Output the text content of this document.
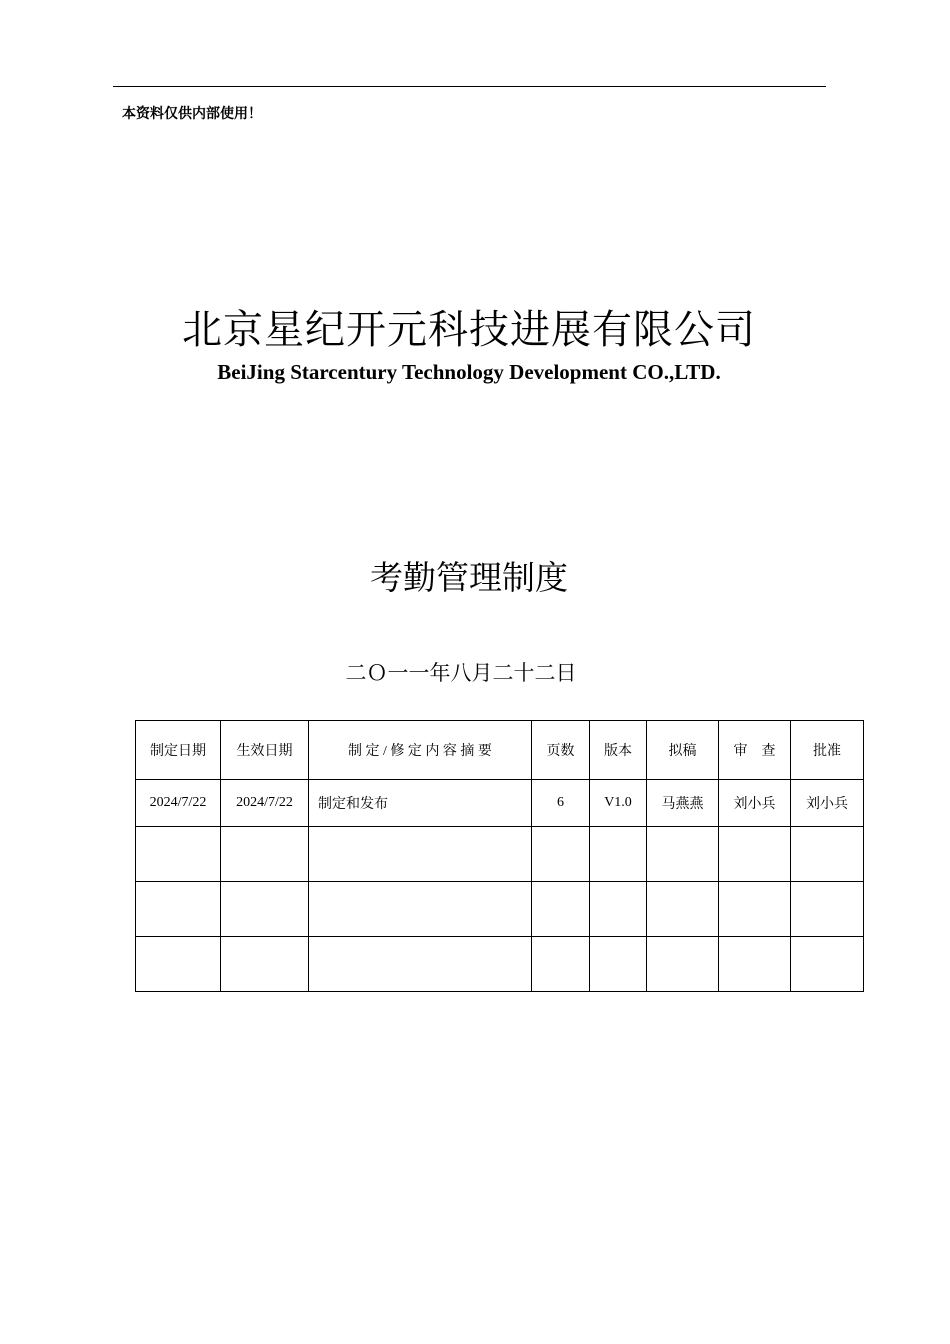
本资料仅供内部使用！
北京星纪开元科技进展有限公司
BeiJing Starcentury Technology Development CO.,LTD.
考勤管理制度
二Ｏ一一年八月二十二日
制定日期	生效日期	制 定 / 修 定 内 容 摘 要	页数	版本	拟稿	审　查	批准
2024/7/22	2024/7/22	制定和发布	6	V1.0	马燕燕	刘小兵	刘小兵
